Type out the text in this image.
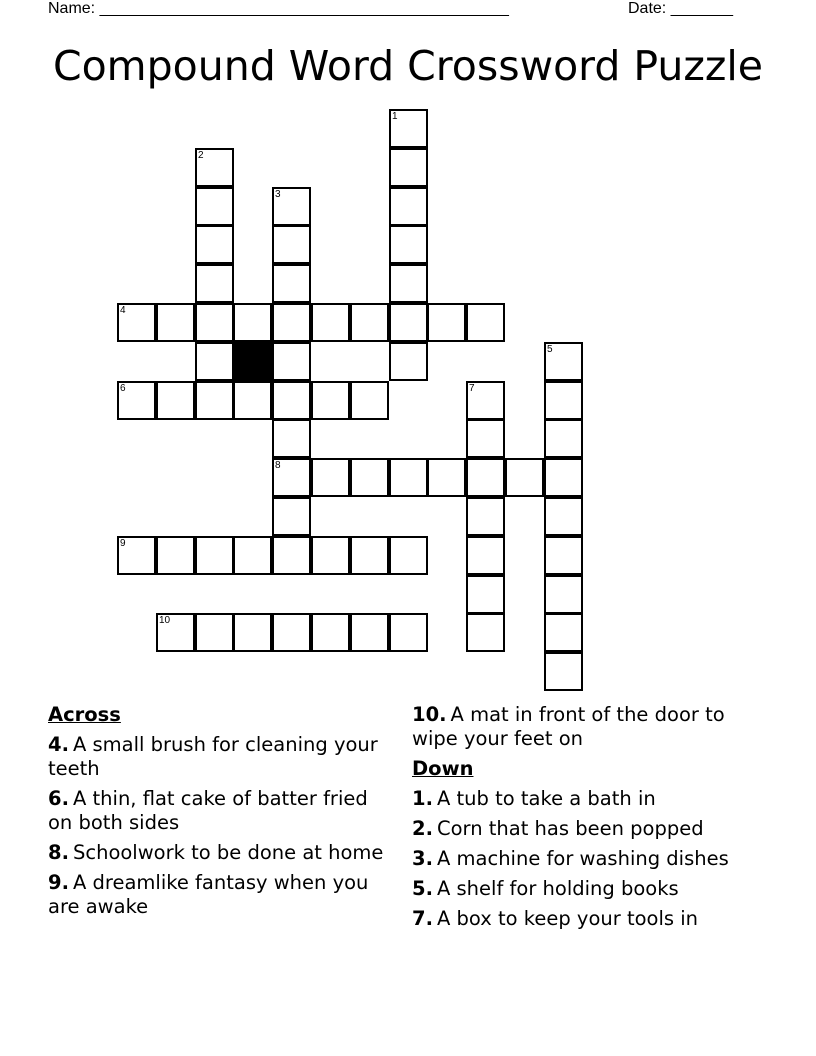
Name: ______________________________________________	Date: _______
Compound Word Crossword Puzzle
1
2
3
4
5
6	7
8
9
10
Across
4. A small brush for cleaning your teeth
6. A thin, flat cake of batter fried on both sides
8. Schoolwork to be done at home
9. A dreamlike fantasy when you are awake
10. A mat in front of the door to wipe your feet on
Down
1. A tub to take a bath in
2. Corn that has been popped
3. A machine for washing dishes
5. A shelf for holding books
7. A box to keep your tools in
